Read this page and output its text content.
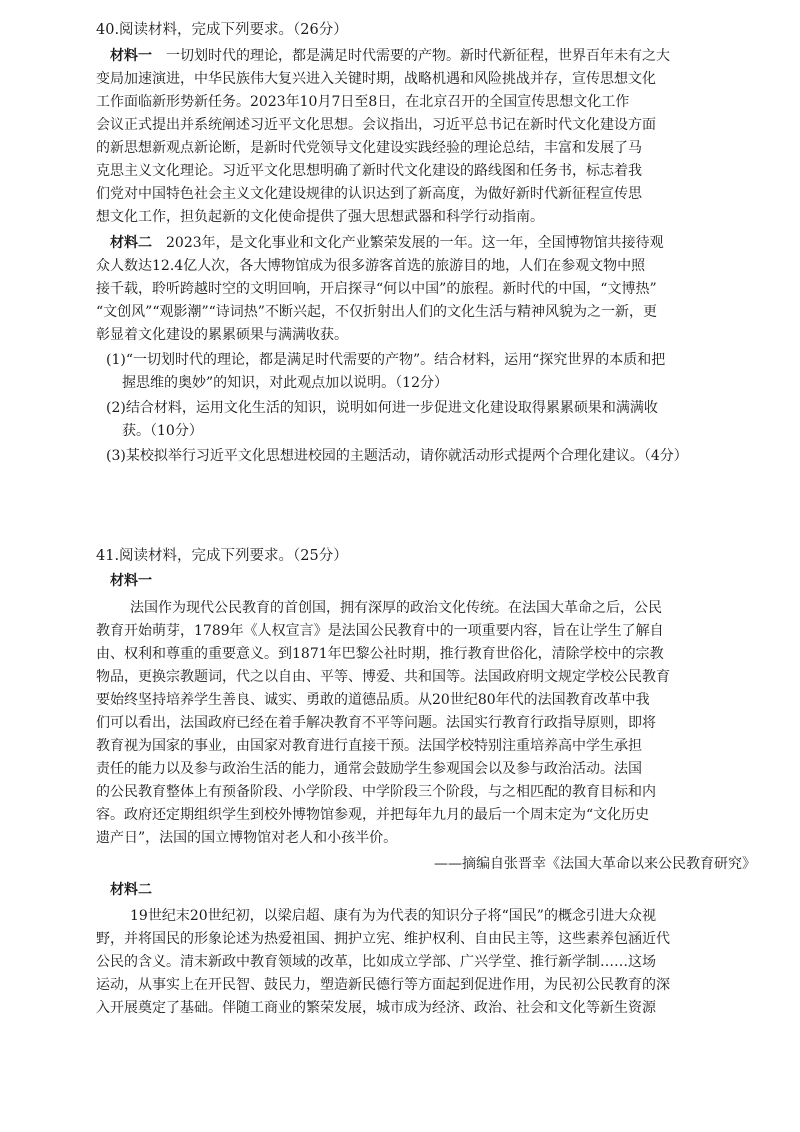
40.阅读材料，完成下列要求。（26分）
材料一　 一切划时代的理论，都是满足时代需要的产物。新时代新征程，世界百年未有之大
变局加速演进，中华民族伟大复兴进入关键时期，战略机遇和风险挑战并存，宣传思想文化
工作面临新形势新任务。2023年10月7日至8日，在北京召开的全国宣传思想文化工作
会议正式提出并系统阐述习近平文化思想。会议指出，习近平总书记在新时代文化建设方面
的新思想新观点新论断，是新时代党领导文化建设实践经验的理论总结，丰富和发展了马
克思主义文化理论。习近平文化思想明确了新时代文化建设的路线图和任务书，标志着我
们党对中国特色社会主义文化建设规律的认识达到了新高度，为做好新时代新征程宣传思
想文化工作，担负起新的文化使命提供了强大思想武器和科学行动指南。
材料二　 2023年，是文化事业和文化产业繁荣发展的一年。这一年，全国博物馆共接待观
众人数达12.4亿人次，各大博物馆成为很多游客首选的旅游目的地，人们在参观文物中照
接千载，聆听跨越时空的文明回响，开启探寻“何以中国”的旅程。新时代的中国，“文博热”
“文创风”“观影潮”“诗词热”不断兴起，不仅折射出人们的文化生活与精神风貌为之一新，更
彰显着文化建设的累累硕果与满满收获。
(1)“一切划时代的理论，都是满足时代需要的产物”。结合材料，运用“探究世界的本质和把
握思维的奥妙”的知识，对此观点加以说明。（12分）
(2)结合材料，运用文化生活的知识，说明如何进一步促进文化建设取得累累硕果和满满收
获。（10分）
(3)某校拟举行习近平文化思想进校园的主题活动，请你就活动形式提两个合理化建议。（4分）
41.阅读材料，完成下列要求。（25分）
材料一
法国作为现代公民教育的首创国，拥有深厚的政治文化传统。在法国大革命之后，公民
教育开始萌芽，1789年《人权宣言》是法国公民教育中的一项重要内容，旨在让学生了解自
由、权利和尊重的重要意义。到1871年巴黎公社时期，推行教育世俗化，清除学校中的宗教
物品，更换宗教题词，代之以自由、平等、博爱、共和国等。法国政府明文规定学校公民教育
要始终坚持培养学生善良、诚实、勇敢的道德品质。从20世纪80年代的法国教育改革中我
们可以看出，法国政府已经在着手解决教育不平等问题。法国实行教育行政指导原则，即将
教育视为国家的事业，由国家对教育进行直接干预。法国学校特别注重培养高中学生承担
责任的能力以及参与政治生活的能力，通常会鼓励学生参观国会以及参与政治活动。法国
的公民教育整体上有预备阶段、小学阶段、中学阶段三个阶段，与之相匹配的教育目标和内
容。政府还定期组织学生到校外博物馆参观，并把每年九月的最后一个周末定为“文化历史
遗产日”，法国的国立博物馆对老人和小孩半价。
——摘编自张晋幸《法国大革命以来公民教育研究》
材料二
19世纪末20世纪初，以梁启超、康有为为代表的知识分子将“国民”的概念引进大众视
野，并将国民的形象论述为热爱祖国、拥护立宪、维护权利、自由民主等，这些素养包涵近代
公民的含义。清末新政中教育领域的改革，比如成立学部、广兴学堂、推行新学制……这场
运动，从事实上在开民智、鼓民力，塑造新民德行等方面起到促进作用，为民初公民教育的深
入开展奠定了基础。伴随工商业的繁荣发展，城市成为经济、政治、社会和文化等新生资源
